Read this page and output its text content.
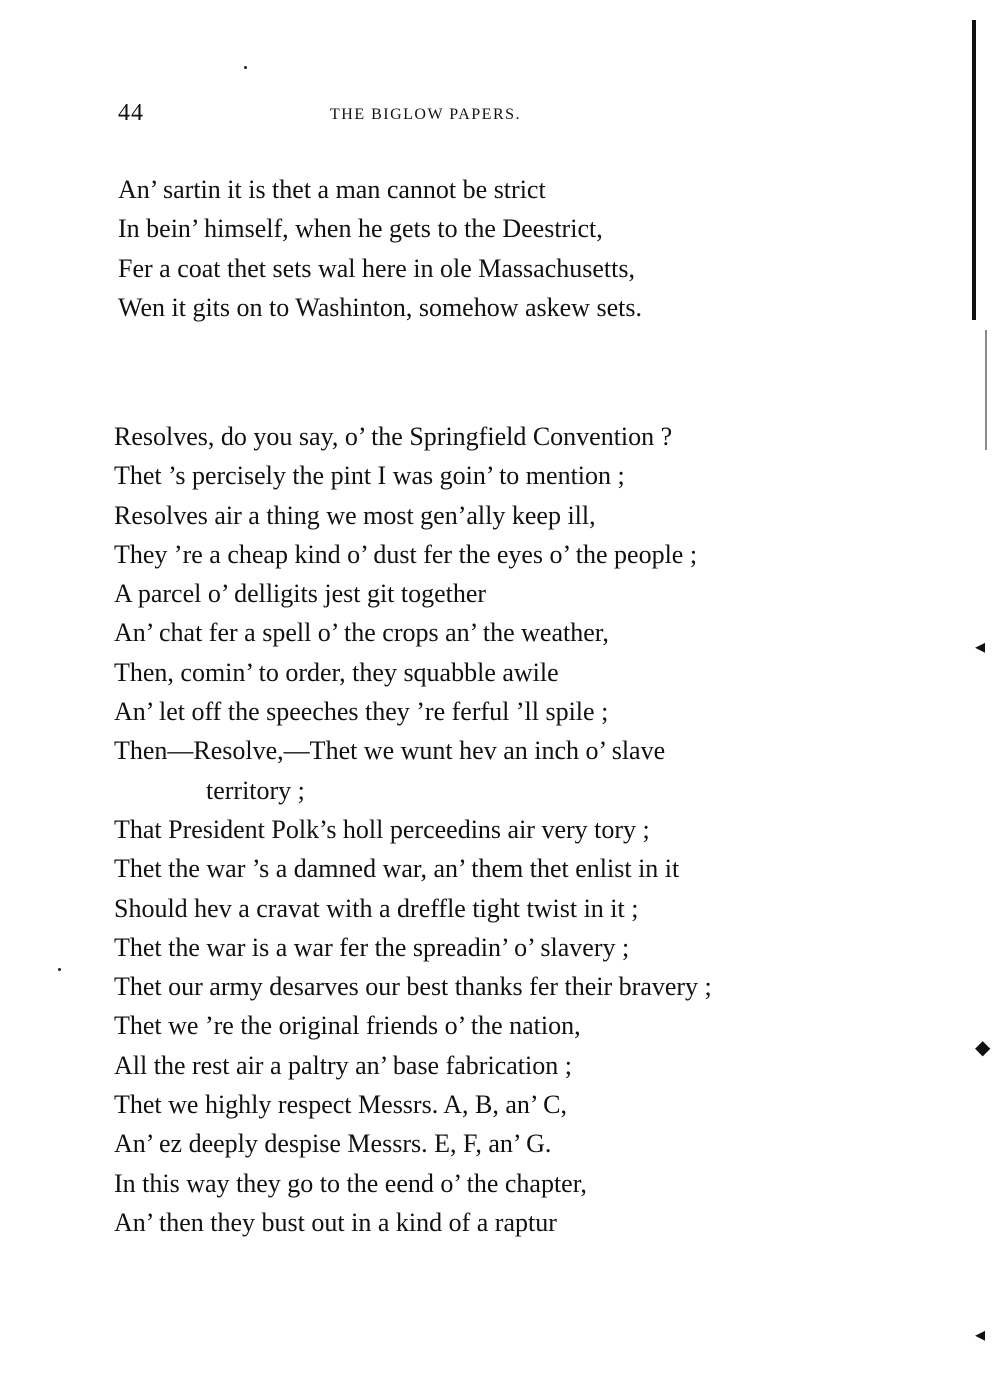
44	THE BIGLOW PAPERS.
An’ sartin it is thet a man cannot be strict
In bein’ himself, when he gets to the Deestrict,
Fer a coat thet sets wal here in ole Massachusetts,
Wen it gits on to Washinton, somehow askew sets.
Resolves, do you say, o’ the Springfield Convention ?
Thet ’s percisely the pint I was goin’ to mention ;
Resolves air a thing we most gen’ally keep ill,
They ’re a cheap kind o’ dust fer the eyes o’ the people ;
A parcel o’ delligits jest git together
An’ chat fer a spell o’ the crops an’ the weather,
Then, comin’ to order, they squabble awile
An’ let off the speeches they ’re ferful ’ll spile ;
Then—Resolve,—Thet we wunt hev an inch o’ slave
territory ;
That President Polk’s holl perceedins air very tory ;
Thet the war ’s a damned war, an’ them thet enlist in it
Should hev a cravat with a dreffle tight twist in it ;
Thet the war is a war fer the spreadin’ o’ slavery ;
Thet our army desarves our best thanks fer their bravery ;
Thet we ’re the original friends o’ the nation,
All the rest air a paltry an’ base fabrication ;
Thet we highly respect Messrs. A, B, an’ C,
An’ ez deeply despise Messrs. E, F, an’ G.
In this way they go to the eend o’ the chapter,
An’ then they bust out in a kind of a raptur
◂
◆
◂
